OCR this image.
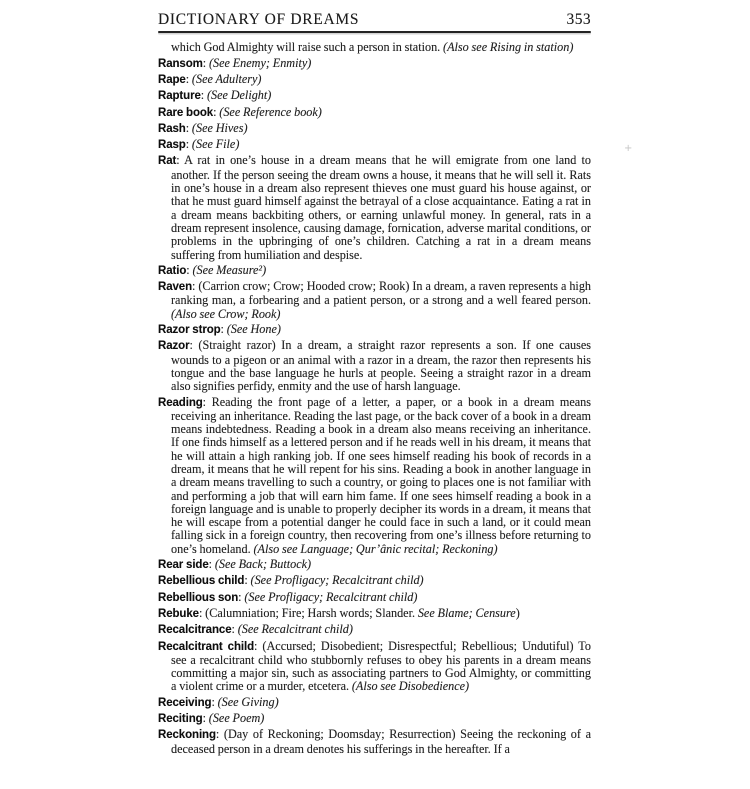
DICTIONARY OF DREAMS	353
which God Almighty will raise such a person in station. (Also see Rising in station)
Ransom: (See Enemy; Enmity)
Rape: (See Adultery)
Rapture: (See Delight)
Rare book: (See Reference book)
Rash: (See Hives)
Rasp: (See File)
Rat: A rat in one’s house in a dream means that he will emigrate from one land to another. If the person seeing the dream owns a house, it means that he will sell it. Rats in one’s house in a dream also represent thieves one must guard his house against, or that he must guard himself against the betrayal of a close acquaintance. Eating a rat in a dream means backbiting others, or earning unlawful money. In general, rats in a dream represent insolence, causing damage, fornication, adverse marital conditions, or problems in the upbringing of one’s children. Catching a rat in a dream means suffering from humiliation and despise.
Ratio: (See Measure²)
Raven: (Carrion crow; Crow; Hooded crow; Rook) In a dream, a raven represents a high ranking man, a forbearing and a patient person, or a strong and a well feared person. (Also see Crow; Rook)
Razor strop: (See Hone)
Razor: (Straight razor) In a dream, a straight razor represents a son. If one causes wounds to a pigeon or an animal with a razor in a dream, the razor then represents his tongue and the base language he hurls at people. Seeing a straight razor in a dream also signifies perfidy, enmity and the use of harsh language.
Reading: Reading the front page of a letter, a paper, or a book in a dream means receiving an inheritance. Reading the last page, or the back cover of a book in a dream means indebtedness. Reading a book in a dream also means receiving an inheritance. If one finds himself as a lettered person and if he reads well in his dream, it means that he will attain a high ranking job. If one sees himself reading his book of records in a dream, it means that he will repent for his sins. Reading a book in another language in a dream means travelling to such a country, or going to places one is not familiar with and performing a job that will earn him fame. If one sees himself reading a book in a foreign language and is unable to properly decipher its words in a dream, it means that he will escape from a potential danger he could face in such a land, or it could mean falling sick in a foreign country, then recovering from one’s illness before returning to one’s homeland. (Also see Language; Qur’ânic recital; Reckoning)
Rear side: (See Back; Buttock)
Rebellious child: (See Profligacy; Recalcitrant child)
Rebellious son: (See Profligacy; Recalcitrant child)
Rebuke: (Calumniation; Fire; Harsh words; Slander. See Blame; Censure)
Recalcitrance: (See Recalcitrant child)
Recalcitrant child: (Accursed; Disobedient; Disrespectful; Rebellious; Undutiful) To see a recalcitrant child who stubbornly refuses to obey his parents in a dream means committing a major sin, such as associating partners to God Almighty, or committing a violent crime or a murder, etcetera. (Also see Disobedience)
Receiving: (See Giving)
Reciting: (See Poem)
Reckoning: (Day of Reckoning; Doomsday; Resurrection) Seeing the reckoning of a deceased person in a dream denotes his sufferings in the hereafter. If a
+
